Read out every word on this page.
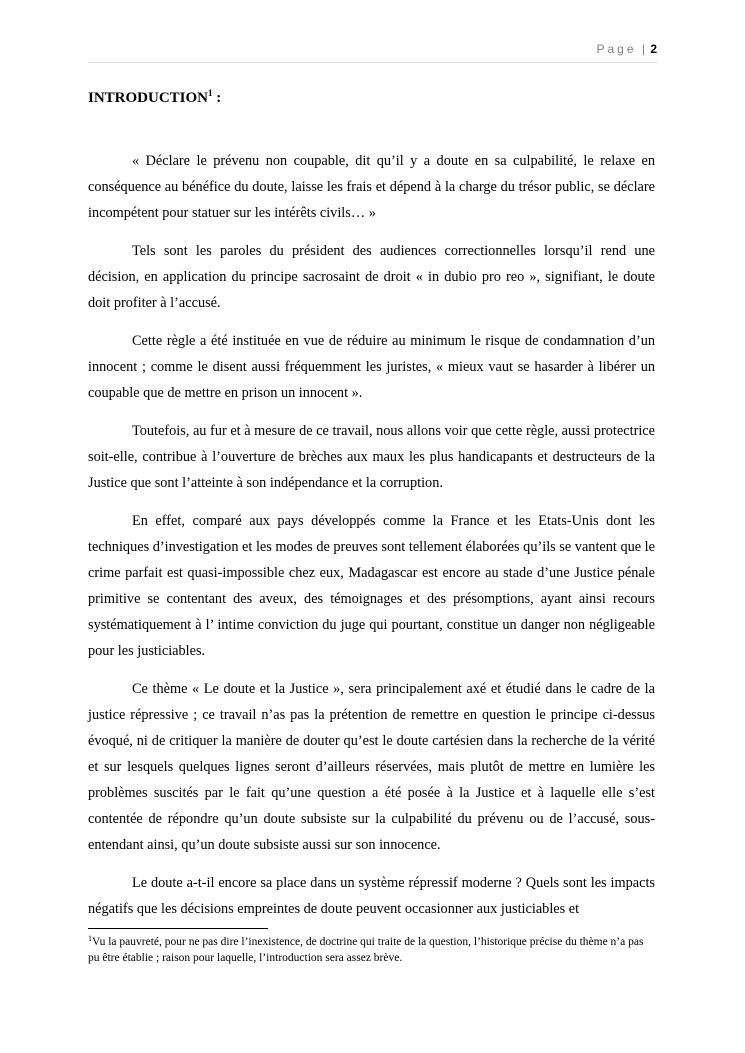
Page | 2
INTRODUCTION$^1$ :

« Déclare le prévenu non coupable, dit qu’il y a doute en sa culpabilité, le relaxe en conséquence au bénéfice du doute, laisse les frais et dépend à la charge du trésor public, se déclare incompétent pour statuer sur les intérêts civils… »

Tels sont les paroles du président des audiences correctionnelles lorsqu’il rend une décision, en application du principe sacrosaint de droit « in dubio pro reo », signifiant, le doute doit profiter à l’accusé.

Cette règle a été instituée en vue de réduire au minimum le risque de condamnation d’un innocent ; comme le disent aussi fréquemment les juristes, « mieux vaut se hasarder à libérer un coupable que de mettre en prison un innocent ».

Toutefois, au fur et à mesure de ce travail, nous allons voir que cette règle, aussi protectrice soit-elle, contribue à l’ouverture de brèches aux maux les plus handicapants et destructeurs de la Justice que sont l’atteinte à son indépendance et la corruption.

En effet, comparé aux pays développés comme la France et les Etats-Unis dont les techniques d’investigation et les modes de preuves sont tellement élaborées qu’ils se vantent que le crime parfait est quasi-impossible chez eux, Madagascar est encore au stade d’une Justice pénale primitive se contentant des aveux, des témoignages et des présomptions, ayant ainsi recours systématiquement à l’ intime conviction du juge qui pourtant, constitue un danger non négligeable pour les justiciables.

Ce thème « Le doute et la Justice », sera principalement axé et étudié dans le cadre de la justice répressive ; ce travail n’as pas la prétention de remettre en question le principe ci-dessus évoqué, ni de critiquer la manière de douter qu’est le doute cartésien dans la recherche de la vérité et sur lesquels quelques lignes seront d’ailleurs réservées, mais plutôt de mettre en lumière les problèmes suscités par le fait qu’une question a été posée à la Justice et à laquelle elle s’est contentée de répondre qu’un doute subsiste sur la culpabilité du prévenu ou de l’accusé, sous-entendant ainsi, qu’un doute subsiste aussi sur son innocence.

Le doute a-t-il encore sa place dans un système répressif moderne ? Quels sont les impacts négatifs que les décisions empreintes de doute peuvent occasionner aux justiciables et

$^1$Vu la pauvreté, pour ne pas dire l’inexistence, de doctrine qui traite de la question, l’historique précise du thème n’a pas pu être établie ; raison pour laquelle, l’introduction sera assez brève.
